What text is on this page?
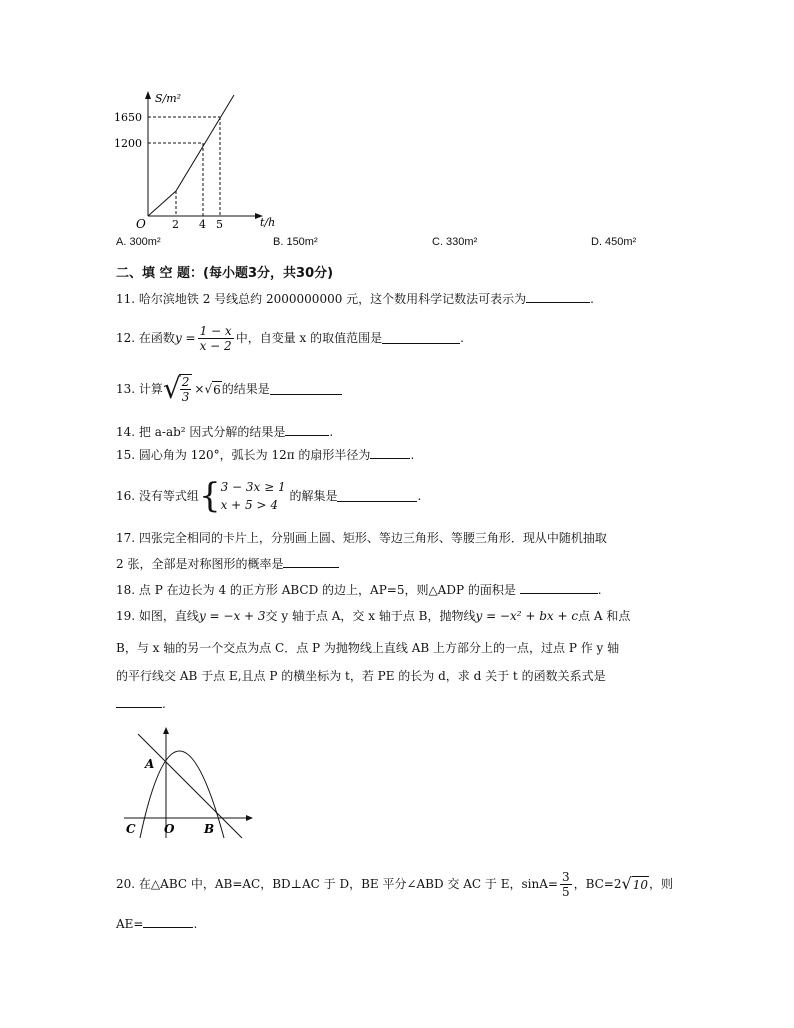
S/m²
t/h
O
1650
1200
2 4 5
A. 300m²	B. 150m²	C. 330m²	D. 450m²
二、填 空 题：(每小题3分，共30分)
11. 哈尔滨地铁 2 号线总约 2000000000 元，这个数用科学记数法可表示为	.
12.
在函数 $y = \frac{1 - x}{x - 2}$ 中，自变量 x 的取值范围是	.
13.
计算 √
$\frac{2}{3}$ × √ 6 的结果是
14. 把 a-ab² 因式分解的结果是	.
15. 圆心角为 120°，弧长为 12π 的扇形半径为	.
16.
没有等式组 { 3 − 3x ≥ 1
x + 5 > 4

的解集是	.
17. 四张完全相同的卡片上，分别画上圆、矩形、等边三角形、等腰三角形．现从中随机抽取
2 张，全部是对称图形的概率是
18. 点 P 在边长为 4 的正方形 ABCD 的边上，AP=5，则△ADP 的面积是	.
19. 如图，直线y = −x + 3交 y 轴于点 A，交 x 轴于点 B，抛物线y = −x² + bx + c点 A 和点
B，与 x 轴的另一个交点为点 C．点 P 为抛物线上直线 AB 上方部分上的一点，过点 P 作 y 轴
的平行线交 AB 于点 E,且点 P 的横坐标为 t，若 PE 的长为 d，求 d 关于 t 的函数关系式是
.
A
C O B
20.
在△ABC 中，AB=AC，BD⊥AC 于 D，BE 平分∠ABD 交 AC 于 E，$\sin A= \frac{3}{5}$ ，BC=2 √ 10 ，则
AE=	.
